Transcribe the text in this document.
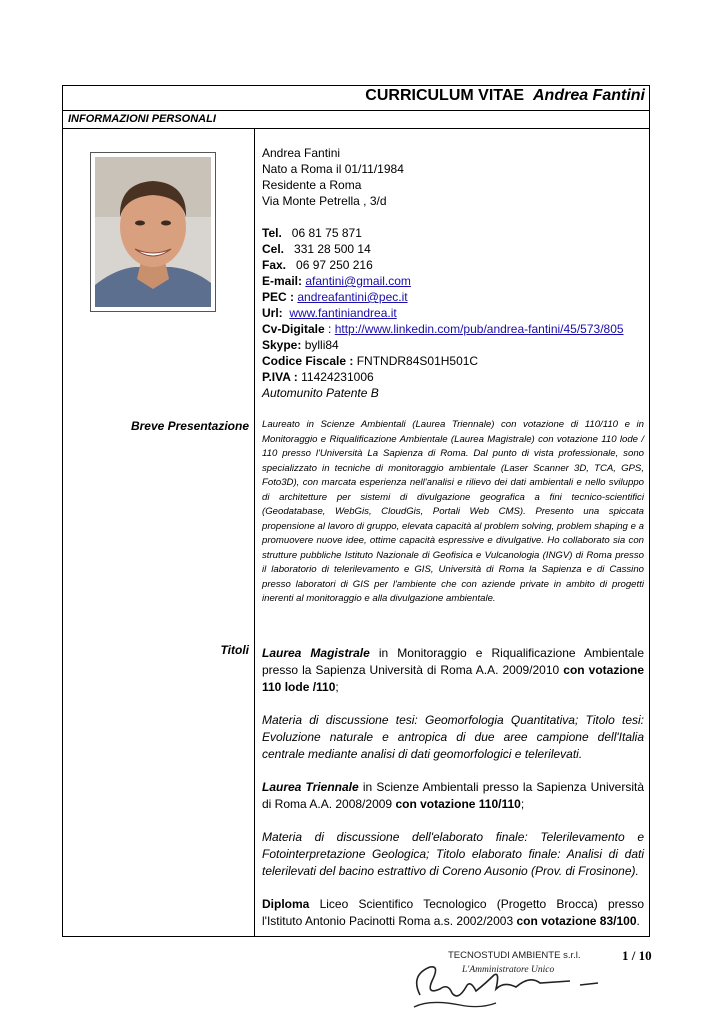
CURRICULUM VITAE Andrea Fantini
INFORMAZIONI PERSONALI
Andrea Fantini
Nato a Roma il 01/11/1984
Residente a Roma
Via Monte Petrella , 3/d
Tel. 06 81 75 871
Cel. 331 28 500 14
Fax. 06 97 250 216
E-mail: afantini@gmail.com
PEC : andreafantini@pec.it
Url: www.fantiniandrea.it
Cv-Digitale : http://www.linkedin.com/pub/andrea-fantini/45/573/805
Skype: bylli84
Codice Fiscale : FNTNDR84S01H501C
P.IVA : 11424231006
Automunito Patente B
Breve Presentazione Laureato in Scienze Ambientali (Laurea Triennale) con votazione di 110/110 e in Monitoraggio e Riqualificazione Ambientale (Laurea Magistrale) con votazione 110 lode / 110 presso l'Università La Sapienza di Roma. Dal punto di vista professionale, sono specializzato in tecniche di monitoraggio ambientale (Laser Scanner 3D, TCA, GPS, Foto3D), con marcata esperienza nell'analisi e rilievo dei dati ambientali e nello sviluppo di architetture per sistemi di divulgazione geografica a fini tecnico-scientifici (Geodatabase, WebGis, CloudGis, Portali Web CMS). Presento una spiccata propensione al lavoro di gruppo, elevata capacità al problem solving, problem shaping e a promuovere nuove idee, ottime capacità espressive e divulgative. Ho collaborato sia con strutture pubbliche Istituto Nazionale di Geofisica e Vulcanologia (INGV) di Roma presso il laboratorio di telerilevamento e GIS, Università di Roma la Sapienza e di Cassino presso laboratori di GIS per l'ambiente che con aziende private in ambito di progetti inerenti al monitoraggio e alla divulgazione ambientale.
Titoli Laurea Magistrale in Monitoraggio e Riqualificazione Ambientale presso la Sapienza Università di Roma A.A. 2009/2010 con votazione 110 lode /110;

Materia di discussione tesi: Geomorfologia Quantitativa; Titolo tesi: Evoluzione naturale e antropica di due aree campione dell'Italia centrale mediante analisi di dati geomorfologici e telerilevati.

Laurea Triennale in Scienze Ambientali presso la Sapienza Università di Roma A.A. 2008/2009 con votazione 110/110;

Materia di discussione dell'elaborato finale: Telerilevamento e Fotointerpretazione Geologica; Titolo elaborato finale: Analisi di dati telerilevati del bacino estrattivo di Coreno Ausonio (Prov. di Frosinone).

Diploma Liceo Scientifico Tecnologico (Progetto Brocca) presso l'Istituto Antonio Pacinotti Roma a.s. 2002/2003 con votazione 83/100.

1 / 10
TECNOSTUDI AMBIENTE s.r.l.
L'Amministratore Unico
